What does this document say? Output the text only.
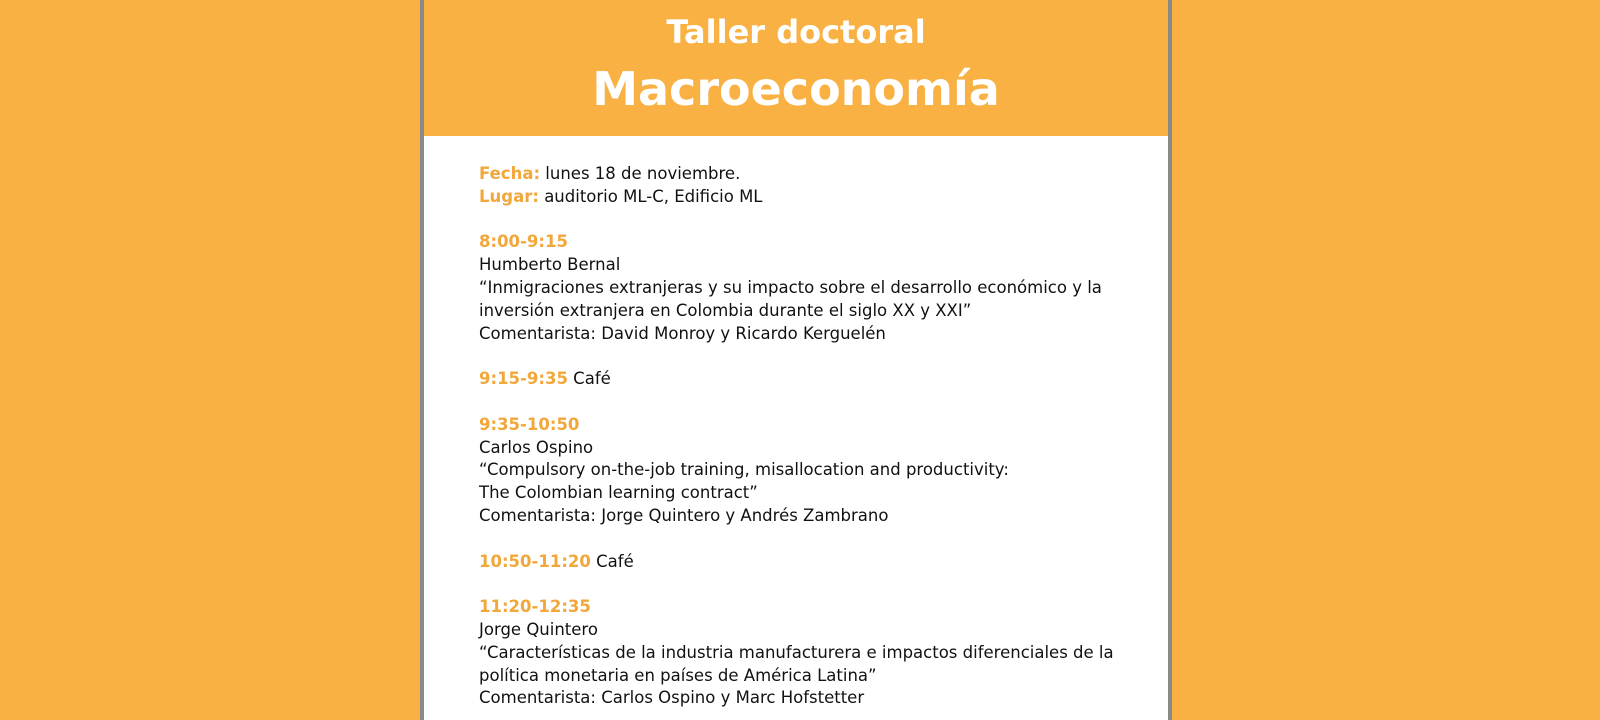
Taller doctoral
Macroeconomía
Fecha: lunes 18 de noviembre.
Lugar: auditorio ML-C, Edificio ML
8:00-9:15
Humberto Bernal
“Inmigraciones extranjeras y su impacto sobre el desarrollo económico y la
inversión extranjera en Colombia durante el siglo XX y XXI”
Comentarista: David Monroy y Ricardo Kerguelén
9:15-9:35 Café
9:35-10:50
Carlos Ospino
“Compulsory on-the-job training, misallocation and productivity:
The Colombian learning contract”
Comentarista: Jorge Quintero y Andrés Zambrano
10:50-11:20 Café
11:20-12:35
Jorge Quintero
“Características de la industria manufacturera e impactos diferenciales de la
política monetaria en países de América Latina”
Comentarista: Carlos Ospino y Marc Hofstetter
